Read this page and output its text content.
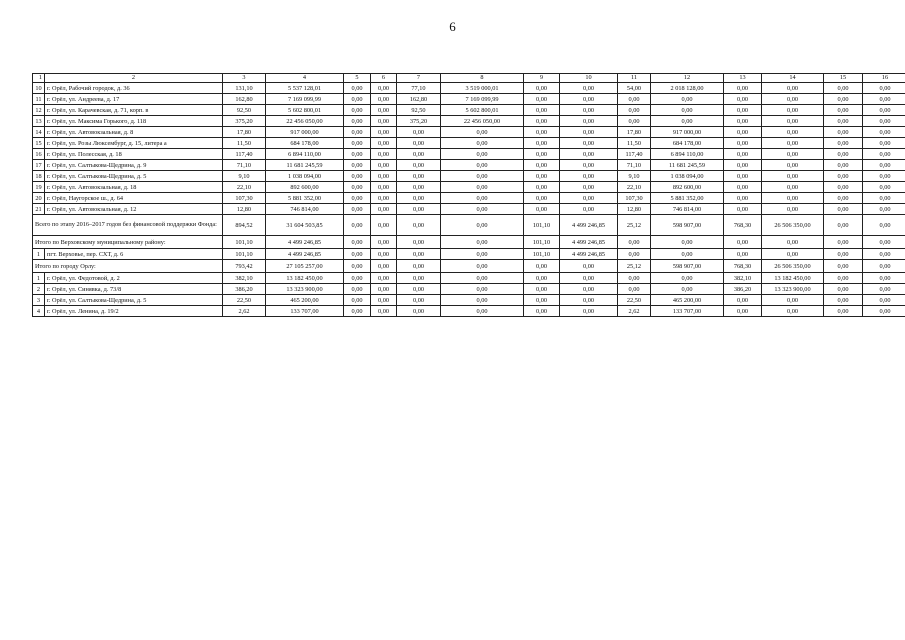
6
1	2	3	4	5	6	7	8	9	10	11	12	13	14	15	16
10	г. Орёл, Рабочий городок, д. 36	131,10	5 537 128,01	0,00	0,00	77,10	3 519 000,01	0,00	0,00	54,00	2 018 128,00	0,00	0,00	0,00	0,00
11	г. Орёл, ул. Андреева, д. 17	162,80	7 169 099,99	0,00	0,00	162,80	7 169 099,99	0,00	0,00	0,00	0,00	0,00	0,00	0,00	0,00
12	г. Орёл, ул. Карачевская, д. 71, корп. в	92,50	5 602 800,01	0,00	0,00	92,50	5 602 800,01	0,00	0,00	0,00	0,00	0,00	0,00	0,00	0,00
13	г. Орёл, ул. Максима Горького, д. 118	375,20	22 456 050,00	0,00	0,00	375,20	22 456 050,00	0,00	0,00	0,00	0,00	0,00	0,00	0,00	0,00
14	г. Орёл, ул. Автовокзальная, д. 8	17,80	917 000,00	0,00	0,00	0,00	0,00	0,00	0,00	17,80	917 000,00	0,00	0,00	0,00	0,00
15	г. Орёл, ул. Розы Люксембург, д. 15, литера а	11,50	684 178,00	0,00	0,00	0,00	0,00	0,00	0,00	11,50	684 178,00	0,00	0,00	0,00	0,00
16	г. Орёл, ул. Полесская, д. 18	117,40	6 894 110,00	0,00	0,00	0,00	0,00	0,00	0,00	117,40	6 894 110,00	0,00	0,00	0,00	0,00
17	г. Орёл, ул. Салтыкова-Щедрина, д. 9	71,10	11 681 245,59	0,00	0,00	0,00	0,00	0,00	0,00	71,10	11 681 245,59	0,00	0,00	0,00	0,00
18	г. Орёл, ул. Салтыкова-Щедрина, д. 5	9,10	1 038 094,00	0,00	0,00	0,00	0,00	0,00	0,00	9,10	1 038 094,00	0,00	0,00	0,00	0,00
19	г. Орёл, ул. Автовокзальная, д. 18	22,10	892 600,00	0,00	0,00	0,00	0,00	0,00	0,00	22,10	892 600,00	0,00	0,00	0,00	0,00
20	г. Орёл, Наугорское ш., д. 64	107,30	5 881 352,00	0,00	0,00	0,00	0,00	0,00	0,00	107,30	5 881 352,00	0,00	0,00	0,00	0,00
21	г. Орёл, ул. Автовокзальная, д. 12	12,80	746 814,00	0,00	0,00	0,00	0,00	0,00	0,00	12,80	746 814,00	0,00	0,00	0,00	0,00
Всего по этапу 2016–2017 годов без финансовой поддержки Фонда:		894,52	31 604 503,85	0,00	0,00	0,00	0,00	101,10	4 499 246,85	25,12	598 907,00	768,30	26 506 350,00	0,00	0,00
Итого по Верховскому муниципальному району:		101,10	4 499 246,85	0,00	0,00	0,00	0,00	101,10	4 499 246,85	0,00	0,00	0,00	0,00	0,00	0,00
1	пгт. Верховье, пер. СХТ, д. 6	101,10	4 499 246,85	0,00	0,00	0,00	0,00	101,10	4 499 246,85	0,00	0,00	0,00	0,00	0,00	0,00
Итого по городу Орлу:		793,42	27 105 257,00	0,00	0,00	0,00	0,00	0,00	0,00	25,12	598 907,00	768,30	26 506 350,00	0,00	0,00
1	г. Орёл, ул. Федотовой, д. 2	382,10	13 182 450,00	0,00	0,00	0,00	0,00	0,00	0,00	0,00	0,00	382,10	13 182 450,00	0,00	0,00
2	г. Орёл, ул. Синявка, д. 73/8	386,20	13 323 900,00	0,00	0,00	0,00	0,00	0,00	0,00	0,00	0,00	386,20	13 323 900,00	0,00	0,00
3	г. Орёл, ул. Салтыкова-Щедрина, д. 5	22,50	465 200,00	0,00	0,00	0,00	0,00	0,00	0,00	22,50	465 200,00	0,00	0,00	0,00	0,00
4	г. Орёл, ул. Ленина, д. 19/2	2,62	133 707,00	0,00	0,00	0,00	0,00	0,00	0,00	2,62	133 707,00	0,00	0,00	0,00	0,00
